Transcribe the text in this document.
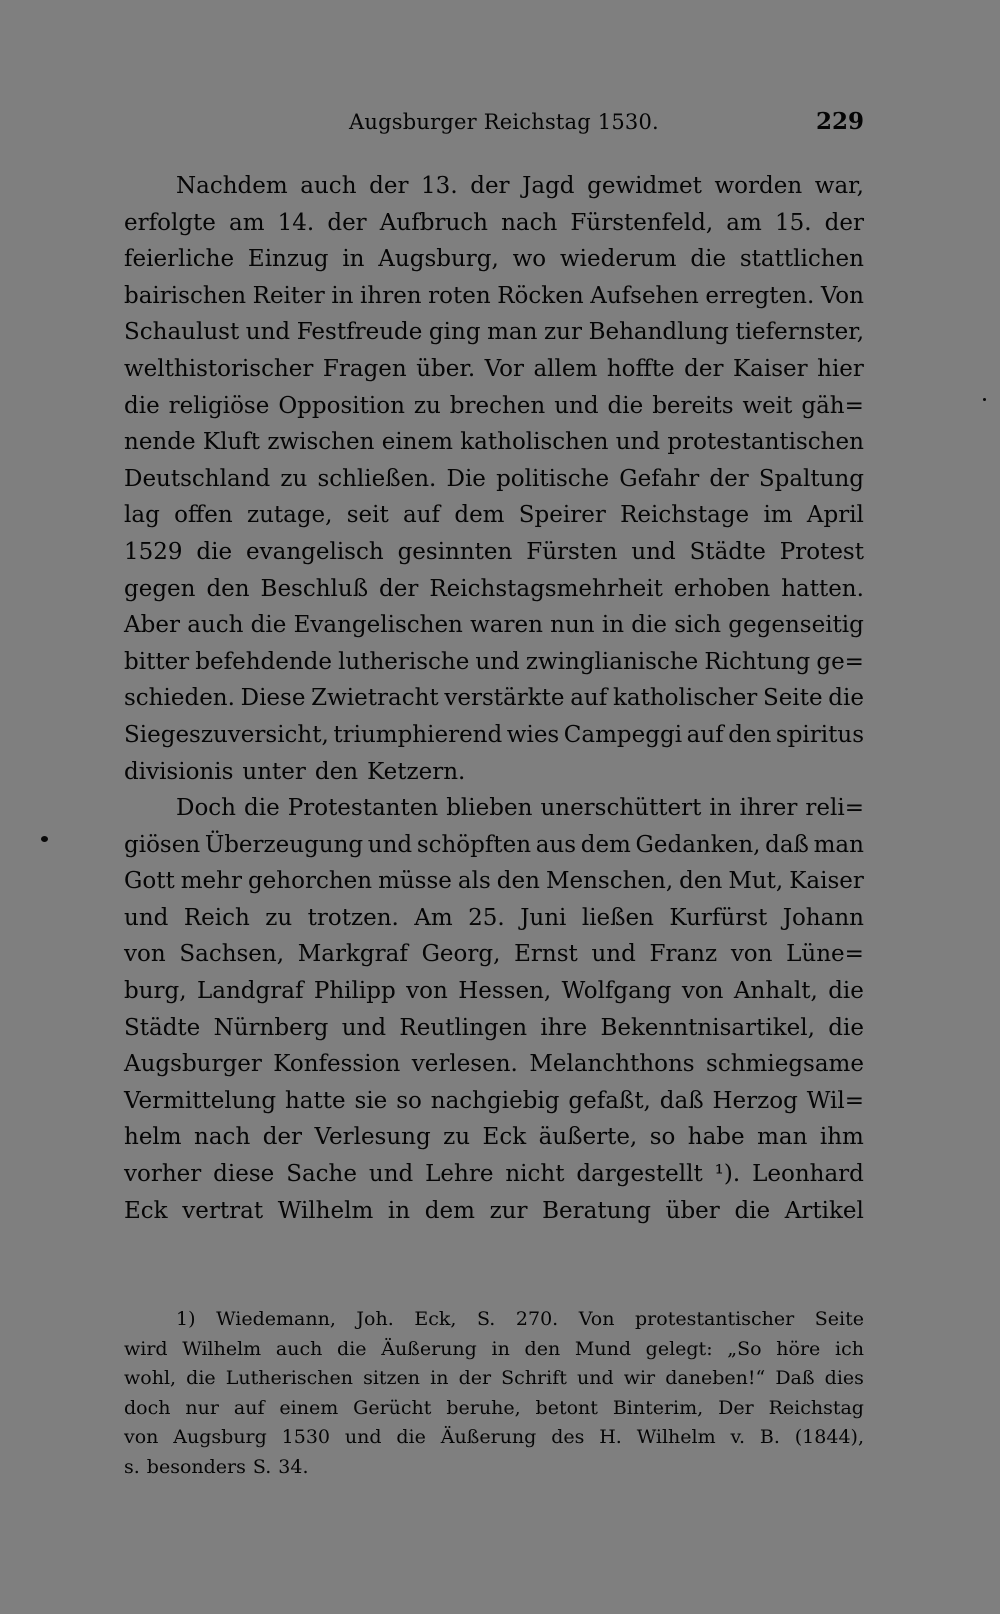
Augsburger Reichstag 1530.	229
Nachdem auch der 13. der Jagd gewidmet worden war,
erfolgte am 14. der Aufbruch nach Fürstenfeld, am 15. der
feierliche Einzug in Augsburg, wo wiederum die stattlichen
bairischen Reiter in ihren roten Röcken Aufsehen erregten. Von
Schaulust und Festfreude ging man zur Behandlung tiefernster,
welthistorischer Fragen über. Vor allem hoffte der Kaiser hier
die religiöse Opposition zu brechen und die bereits weit gäh=
nende Kluft zwischen einem katholischen und protestantischen
Deutschland zu schließen. Die politische Gefahr der Spaltung
lag offen zutage, seit auf dem Speirer Reichstage im April
1529 die evangelisch gesinnten Fürsten und Städte Protest
gegen den Beschluß der Reichstagsmehrheit erhoben hatten.
Aber auch die Evangelischen waren nun in die sich gegenseitig
bitter befehdende lutherische und zwinglianische Richtung ge=
schieden. Diese Zwietracht verstärkte auf katholischer Seite die
Siegeszuversicht, triumphierend wies Campeggi auf den spiritus
divisionis unter den Ketzern.
Doch die Protestanten blieben unerschüttert in ihrer reli=
giösen Überzeugung und schöpften aus dem Gedanken, daß man
Gott mehr gehorchen müsse als den Menschen, den Mut, Kaiser
und Reich zu trotzen. Am 25. Juni ließen Kurfürst Johann
von Sachsen, Markgraf Georg, Ernst und Franz von Lüne=
burg, Landgraf Philipp von Hessen, Wolfgang von Anhalt, die
Städte Nürnberg und Reutlingen ihre Bekenntnisartikel, die
Augsburger Konfession verlesen. Melanchthons schmiegsame
Vermittelung hatte sie so nachgiebig gefaßt, daß Herzog Wil=
helm nach der Verlesung zu Eck äußerte, so habe man ihm
vorher diese Sache und Lehre nicht dargestellt ¹). Leonhard
Eck vertrat Wilhelm in dem zur Beratung über die Artikel
1) Wiedemann, Joh. Eck, S. 270. Von protestantischer Seite
wird Wilhelm auch die Äußerung in den Mund gelegt: „So höre ich
wohl, die Lutherischen sitzen in der Schrift und wir daneben!“ Daß dies
doch nur auf einem Gerücht beruhe, betont Binterim, Der Reichstag
von Augsburg 1530 und die Äußerung des H. Wilhelm v. B. (1844),
s. besonders S. 34.
